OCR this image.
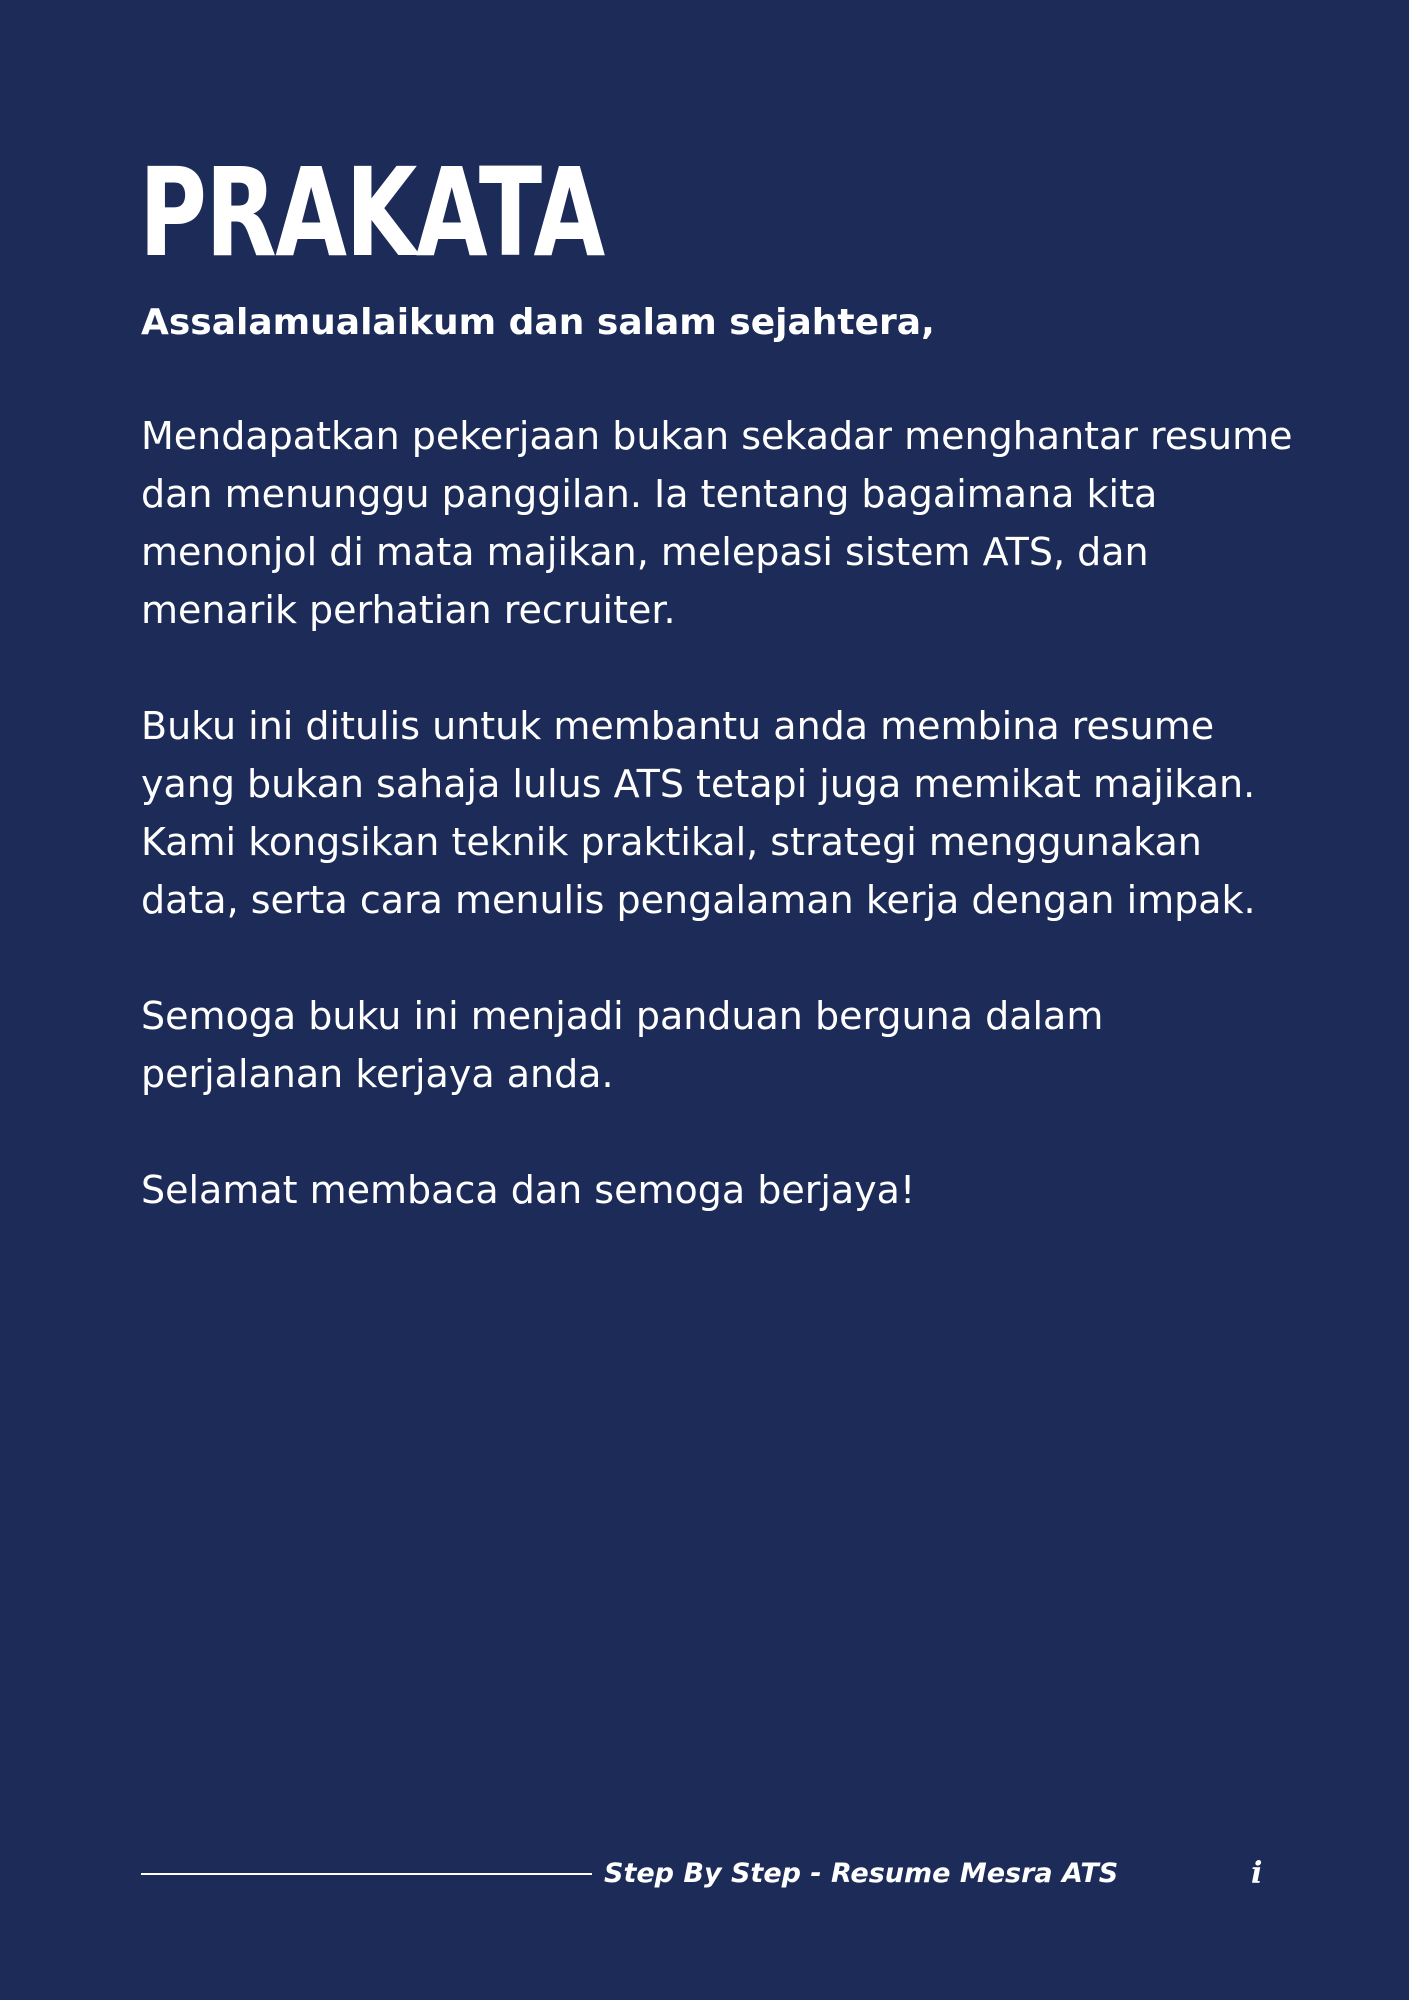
PRAKATA
Assalamualaikum dan salam sejahtera,

Mendapatkan pekerjaan bukan sekadar menghantar resume
dan menunggu panggilan. Ia tentang bagaimana kita
menonjol di mata majikan, melepasi sistem ATS, dan
menarik perhatian recruiter.

Buku ini ditulis untuk membantu anda membina resume
yang bukan sahaja lulus ATS tetapi juga memikat majikan.
Kami kongsikan teknik praktikal, strategi menggunakan
data, serta cara menulis pengalaman kerja dengan impak.

Semoga buku ini menjadi panduan berguna dalam
perjalanan kerjaya anda.

Selamat membaca dan semoga berjaya!

Step By Step - Resume Mesra ATS	i
